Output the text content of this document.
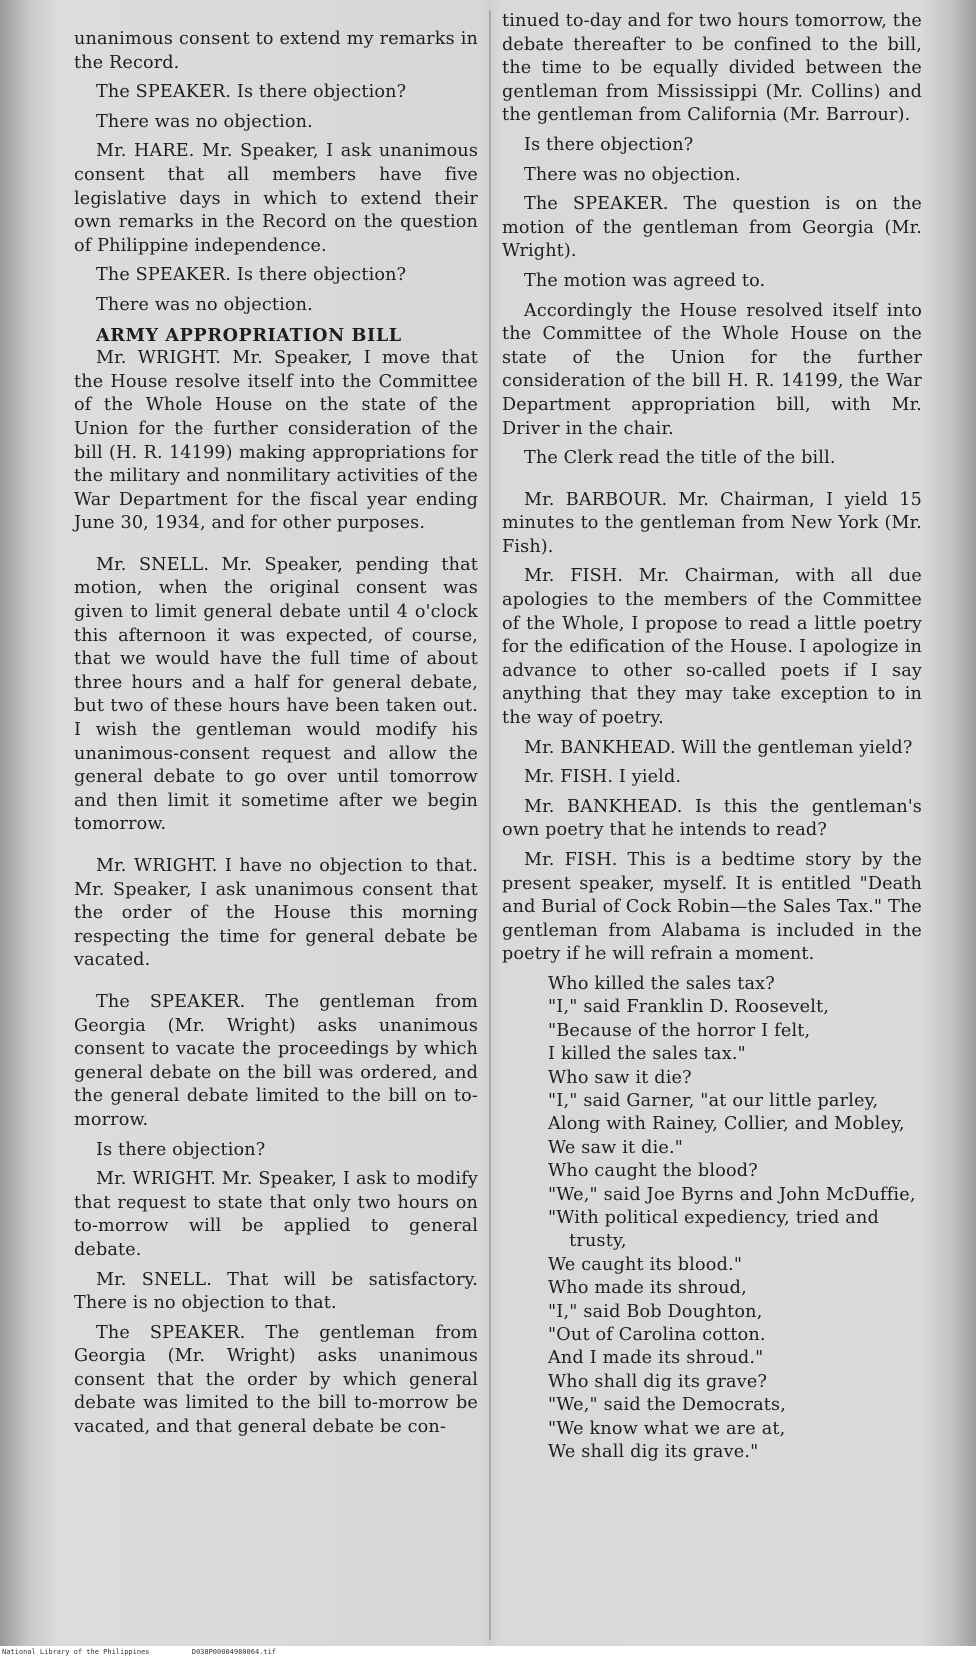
unanimous consent to extend my remarks in the Record.

The SPEAKER. Is there objection?

There was no objection.

Mr. HARE. Mr. Speaker, I ask unanimous consent that all members have five legislative days in which to extend their own remarks in the Record on the question of Philippine independence.

The SPEAKER. Is there objection?

There was no objection.

ARMY APPROPRIATION BILL

Mr. WRIGHT. Mr. Speaker, I move that the House resolve itself into the Committee of the Whole House on the state of the Union for the further consideration of the bill (H. R. 14199) making appropriations for the military and nonmilitary activities of the War Department for the fiscal year ending June 30, 1934, and for other purposes.

Mr. SNELL. Mr. Speaker, pending that motion, when the original consent was given to limit general debate until 4 o'clock this afternoon it was expected, of course, that we would have the full time of about three hours and a half for general debate, but two of these hours have been taken out. I wish the gentleman would modify his unanimous-consent request and allow the general debate to go over until tomorrow and then limit it sometime after we begin tomorrow.

Mr. WRIGHT. I have no objection to that. Mr. Speaker, I ask unanimous consent that the order of the House this morning respecting the time for general debate be vacated.

The SPEAKER. The gentleman from Georgia (Mr. Wright) asks unanimous consent to vacate the proceedings by which general debate on the bill was ordered, and the general debate limited to the bill on to-morrow.

Is there objection?

Mr. WRIGHT. Mr. Speaker, I ask to modify that request to state that only two hours on to-morrow will be applied to general debate.

Mr. SNELL. That will be satisfactory. There is no objection to that.

The SPEAKER. The gentleman from Georgia (Mr. Wright) asks unanimous consent that the order by which general debate was limited to the bill to-morrow be vacated, and that general debate be con-

tinued to-day and for two hours tomorrow, the debate thereafter to be confined to the bill, the time to be equally divided between the gentleman from Mississippi (Mr. Collins) and the gentleman from California (Mr. Barrour).

Is there objection?

There was no objection.

The SPEAKER. The question is on the motion of the gentleman from Georgia (Mr. Wright).

The motion was agreed to.

Accordingly the House resolved itself into the Committee of the Whole House on the state of the Union for the further consideration of the bill H. R. 14199, the War Department appropriation bill, with Mr. Driver in the chair.

The Clerk read the title of the bill.

Mr. BARBOUR. Mr. Chairman, I yield 15 minutes to the gentleman from New York (Mr. Fish).

Mr. FISH. Mr. Chairman, with all due apologies to the members of the Committee of the Whole, I propose to read a little poetry for the edification of the House. I apologize in advance to other so-called poets if I say anything that they may take exception to in the way of poetry.

Mr. BANKHEAD. Will the gentleman yield?

Mr. FISH. I yield.

Mr. BANKHEAD. Is this the gentleman's own poetry that he intends to read?

Mr. FISH. This is a bedtime story by the present speaker, myself. It is entitled "Death and Burial of Cock Robin—the Sales Tax." The gentleman from Alabama is included in the poetry if he will refrain a moment.

Who killed the sales tax?
"I," said Franklin D. Roosevelt,
"Because of the horror I felt,
I killed the sales tax."
Who saw it die?
"I," said Garner, "at our little parley,
Along with Rainey, Collier, and Mobley,
We saw it die."
Who caught the blood?
"We," said Joe Byrns and John McDuffie,
"With political expediency, tried and trusty,
We caught its blood."
Who made its shroud,
"I," said Bob Doughton,
"Out of Carolina cotton.
And I made its shroud."
Who shall dig its grave?
"We," said the Democrats,
"We know what we are at,
We shall dig its grave."
National Library of the Philippines	D038P00004980064.tif
